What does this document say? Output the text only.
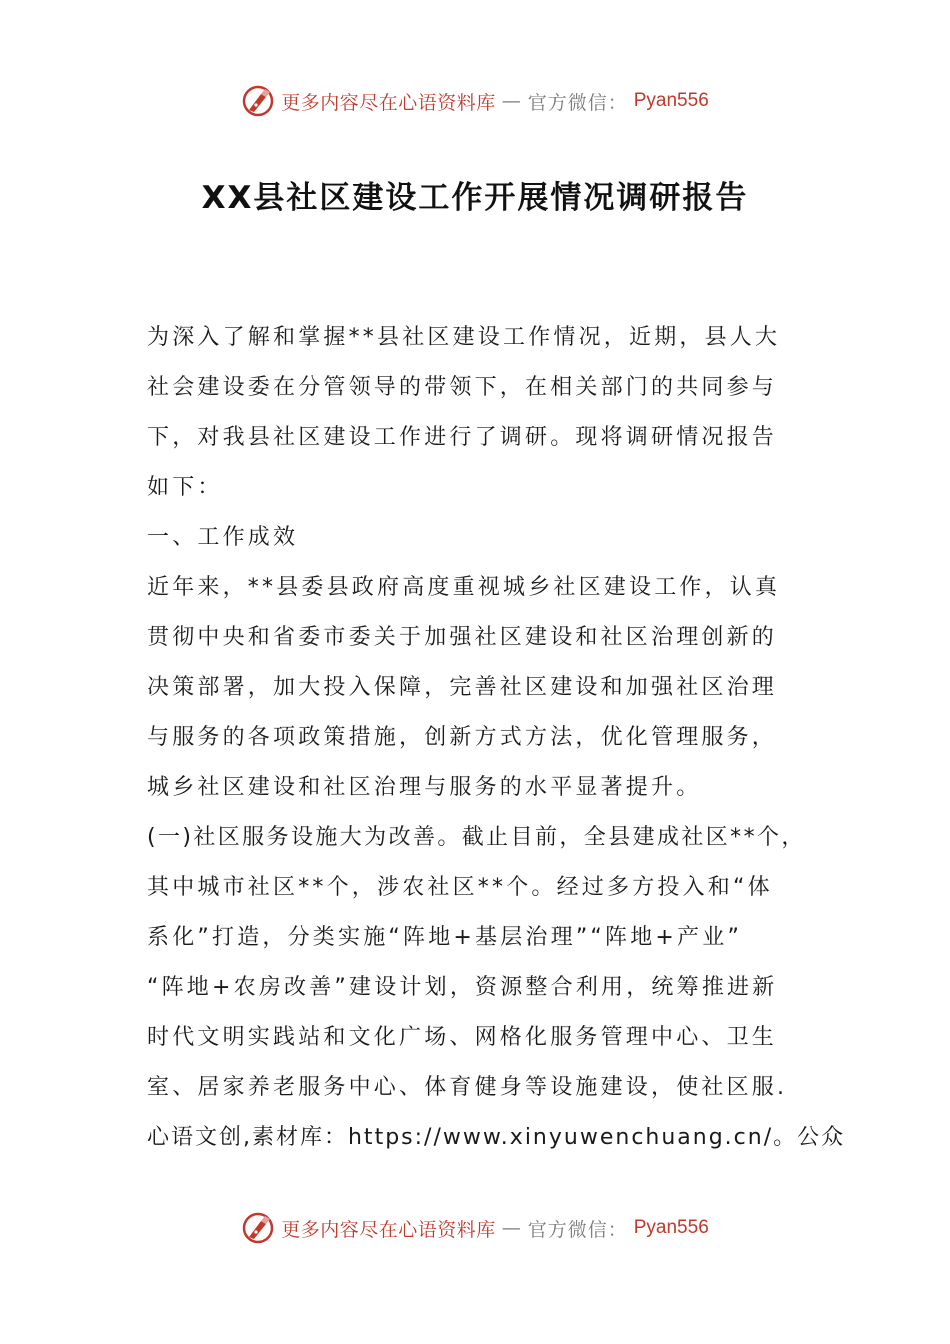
更多内容尽在心语资料库 — 官方微信： Pyan556
XX县社区建设工作开展情况调研报告
为深入了解和掌握**县社区建设工作情况，近期，县人大
社会建设委在分管领导的带领下，在相关部门的共同参与
下，对我县社区建设工作进行了调研。现将调研情况报告
如下：
一、工作成效
近年来，**县委县政府高度重视城乡社区建设工作，认真
贯彻中央和省委市委关于加强社区建设和社区治理创新的
决策部署，加大投入保障，完善社区建设和加强社区治理
与服务的各项政策措施，创新方式方法，优化管理服务，
城乡社区建设和社区治理与服务的水平显著提升。
(一)社区服务设施大为改善。截止目前，全县建成社区**个，
其中城市社区**个，涉农社区**个。经过多方投入和“体
系化”打造，分类实施“阵地+基层治理”“阵地+产业”
“阵地+农房改善”建设计划，资源整合利用，统筹推进新
时代文明实践站和文化广场、网格化服务管理中心、卫生
室、居家养老服务中心、体育健身等设施建设，使社区服.
心语文创,素材库：https://www.xinyuwenchuang.cn/。公众
更多内容尽在心语资料库 — 官方微信： Pyan556
